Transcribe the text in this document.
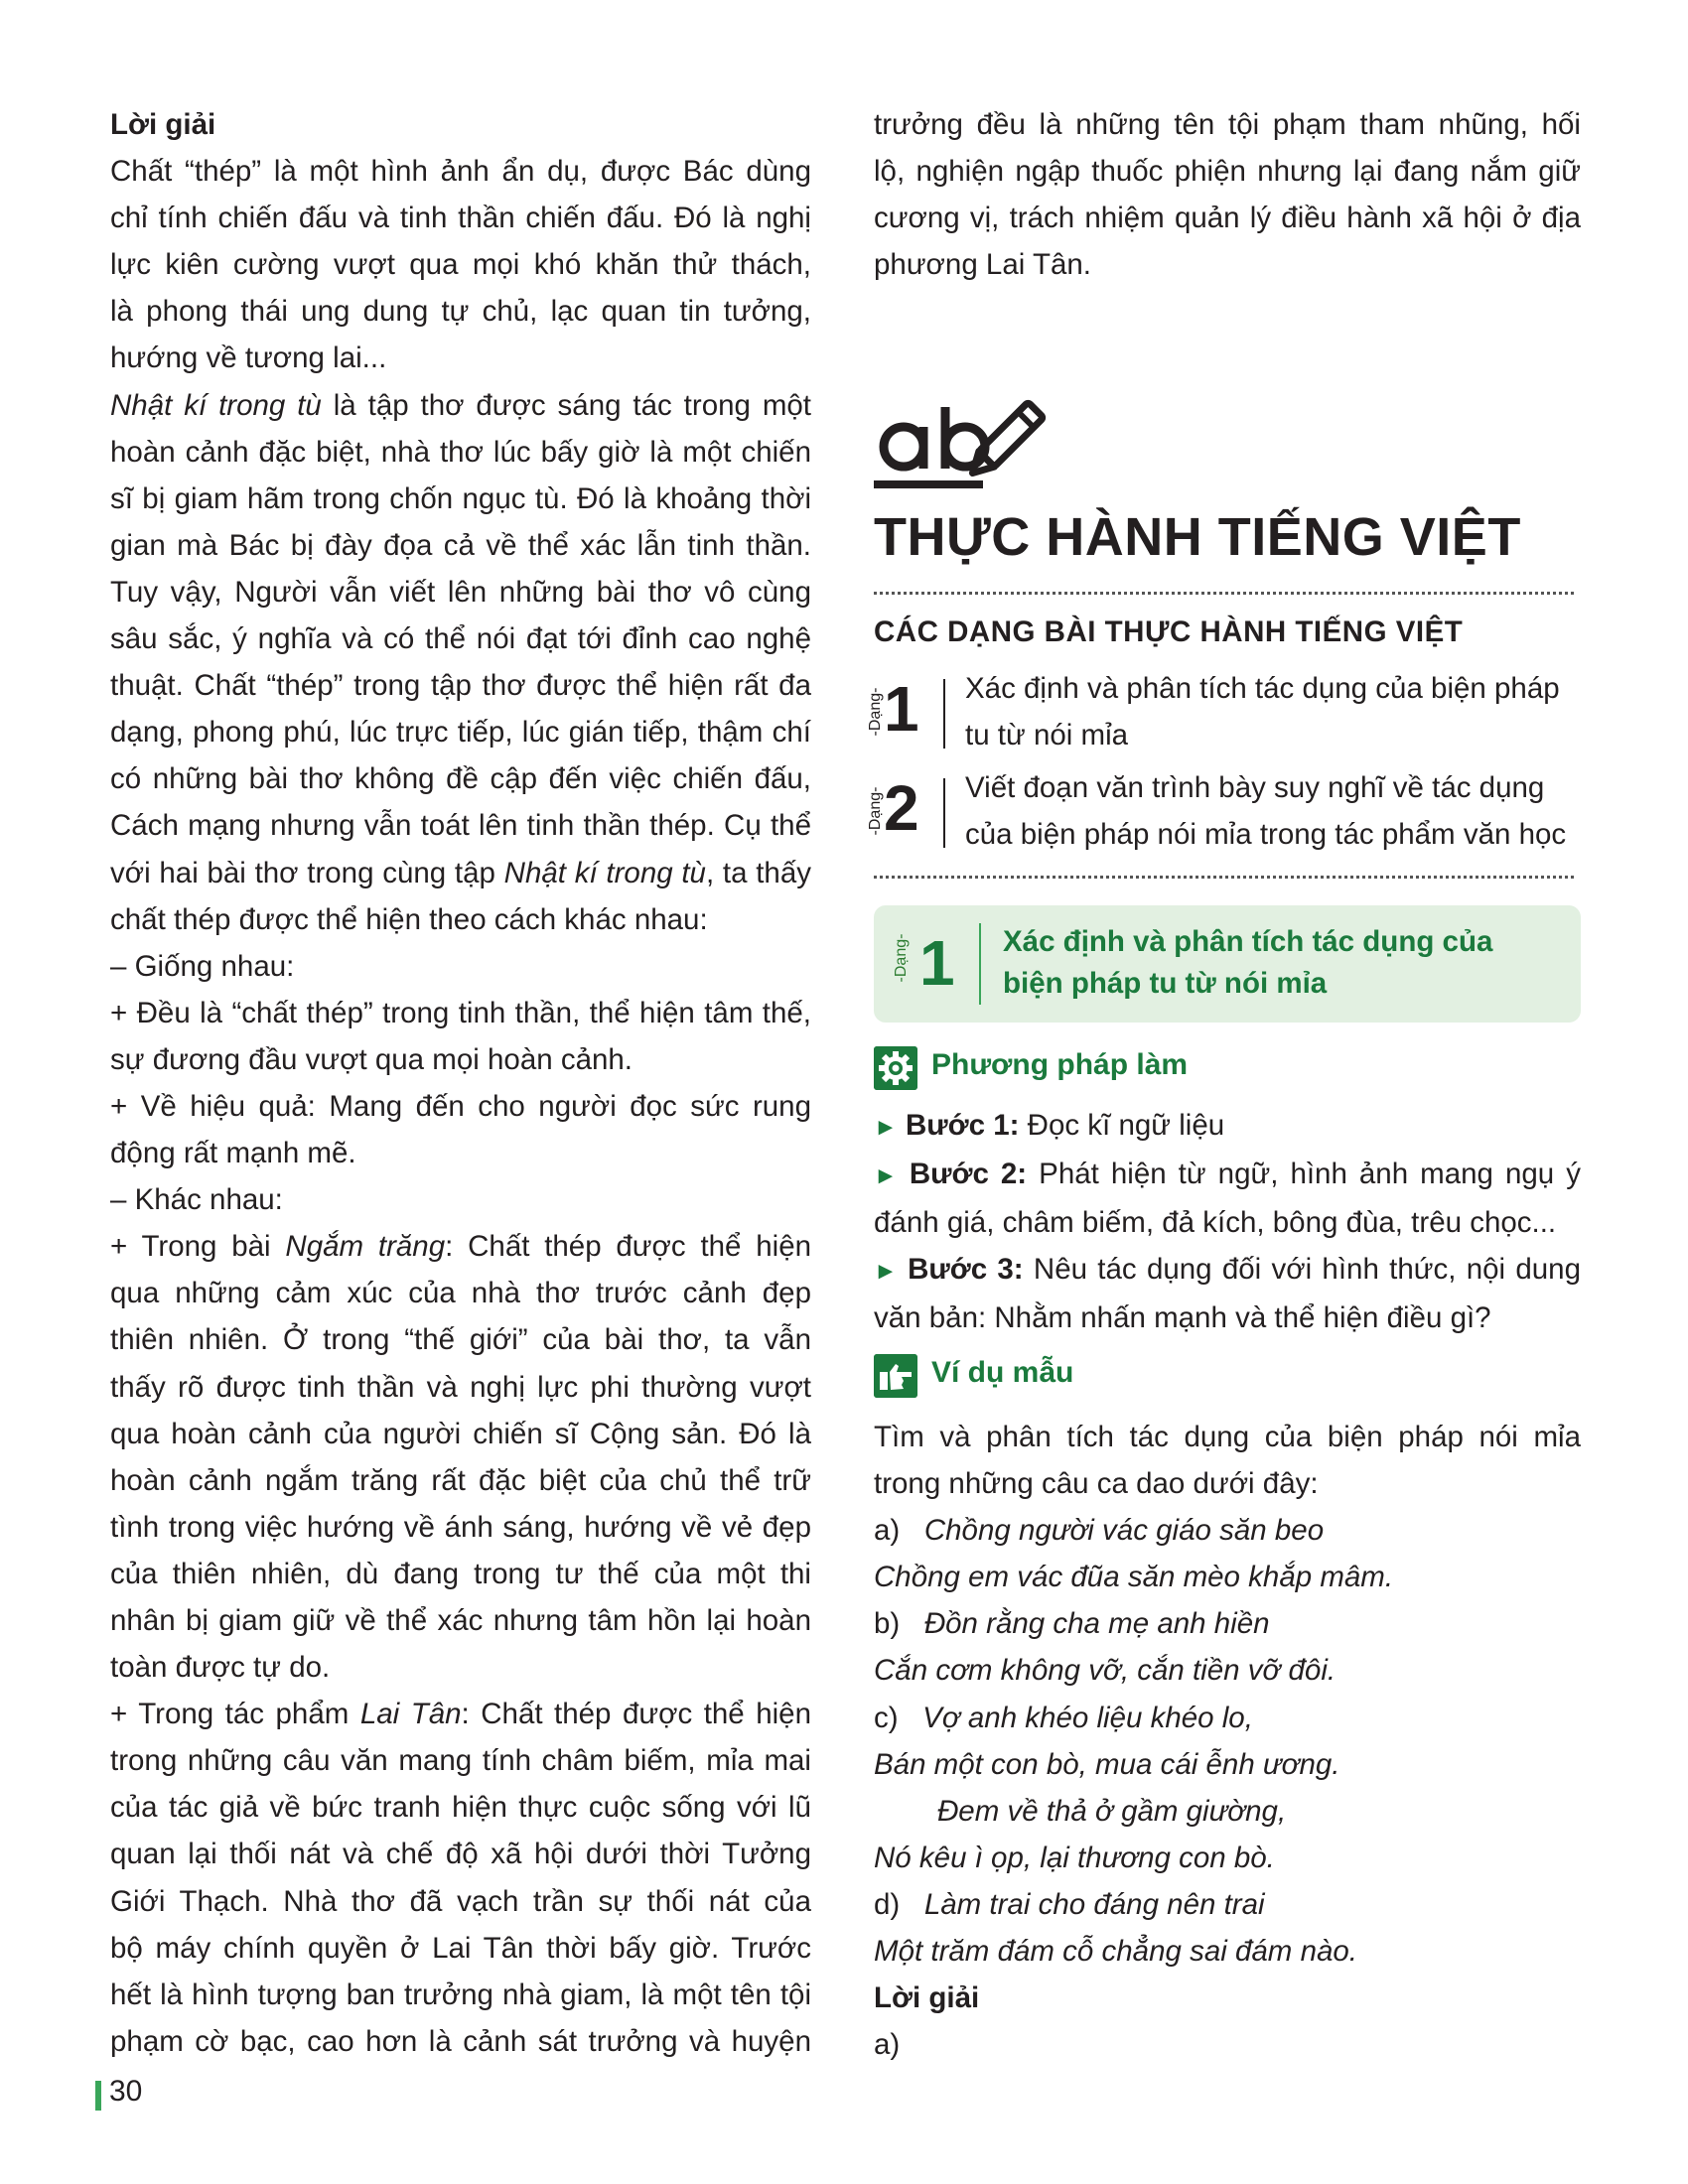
Lời giải

Chất “thép” là một hình ảnh ẩn dụ, được Bác dùng
chỉ tính chiến đấu và tinh thần chiến đấu. Đó là nghị
lực kiên cường vượt qua mọi khó khăn thử thách,
là phong thái ung dung tự chủ, lạc quan tin tưởng,
hướng về tương lai...
Nhật kí trong tù là tập thơ được sáng tác trong một
hoàn cảnh đặc biệt, nhà thơ lúc bấy giờ là một chiến
sĩ bị giam hãm trong chốn ngục tù. Đó là khoảng thời
gian mà Bác bị đày đọa cả về thể xác lẫn tinh thần.
Tuy vậy, Người vẫn viết lên những bài thơ vô cùng
sâu sắc, ý nghĩa và có thể nói đạt tới đỉnh cao nghệ
thuật. Chất “thép” trong tập thơ được thể hiện rất đa
dạng, phong phú, lúc trực tiếp, lúc gián tiếp, thậm chí
có những bài thơ không đề cập đến việc chiến đấu,
Cách mạng nhưng vẫn toát lên tinh thần thép. Cụ thể
với hai bài thơ trong cùng tập Nhật kí trong tù, ta thấy
chất thép được thể hiện theo cách khác nhau:
– Giống nhau:
+ Đều là “chất thép” trong tinh thần, thể hiện tâm thế,
sự đương đầu vượt qua mọi hoàn cảnh.
+ Về hiệu quả: Mang đến cho người đọc sức rung
động rất mạnh mẽ.
– Khác nhau:
+ Trong bài Ngắm trăng: Chất thép được thể hiện
qua những cảm xúc của nhà thơ trước cảnh đẹp
thiên nhiên. Ở trong “thế giới” của bài thơ, ta vẫn
thấy rõ được tinh thần và nghị lực phi thường vượt
qua hoàn cảnh của người chiến sĩ Cộng sản. Đó là
hoàn cảnh ngắm trăng rất đặc biệt của chủ thể trữ
tình trong việc hướng về ánh sáng, hướng về vẻ đẹp
của thiên nhiên, dù đang trong tư thế của một thi
nhân bị giam giữ về thể xác nhưng tâm hồn lại hoàn
toàn được tự do.
+ Trong tác phẩm Lai Tân: Chất thép được thể hiện
trong những câu văn mang tính châm biếm, mỉa mai
của tác giả về bức tranh hiện thực cuộc sống với lũ
quan lại thối nát và chế độ xã hội dưới thời Tưởng
Giới Thạch. Nhà thơ đã vạch trần sự thối nát của
bộ máy chính quyền ở Lai Tân thời bấy giờ. Trước
hết là hình tượng ban trưởng nhà giam, là một tên tội
phạm cờ bạc, cao hơn là cảnh sát trưởng và huyện

trưởng đều là những tên tội phạm tham nhũng, hối
lộ, nghiện ngập thuốc phiện nhưng lại đang nắm giữ
cương vị, trách nhiệm quản lý điều hành xã hội ở địa
phương Lai Tân.

THỰC HÀNH TIẾNG VIỆT
CÁC DẠNG BÀI THỰC HÀNH TIẾNG VIỆT
-Dạng- 1 Xác định và phân tích tác dụng của biện pháp
tu từ nói mỉa
-Dạng- 2 Viết đoạn văn trình bày suy nghĩ về tác dụng
của biện pháp nói mỉa trong tác phẩm văn học
-Dạng- 1 Xác định và phân tích tác dụng của
biện pháp tu từ nói mỉa
Phương pháp làm

► Bước 1: Đọc kĩ ngữ liệu
► Bước 2: Phát hiện từ ngữ, hình ảnh mang ngụ ý
đánh giá, châm biếm, đả kích, bông đùa, trêu chọc...
► Bước 3: Nêu tác dụng đối với hình thức, nội dung
văn bản: Nhằm nhấn mạnh và thể hiện điều gì?

Ví dụ mẫu

Tìm và phân tích tác dụng của biện pháp nói mỉa
trong những câu ca dao dưới đây:
a) Chồng người vác giáo săn beo
Chồng em vác đũa săn mèo khắp mâm.
b) Đồn rằng cha mẹ anh hiền
Cắn cơm không vỡ, cắn tiền vỡ đôi.
c) Vợ anh khéo liệu khéo lo,
Bán một con bò, mua cái ễnh ương.
Đem về thả ở gầm giường,
Nó kêu ì ọp, lại thương con bò.
d) Làm trai cho đáng nên trai
Một trăm đám cỗ chẳng sai đám nào.
Lời giải
a)

30
